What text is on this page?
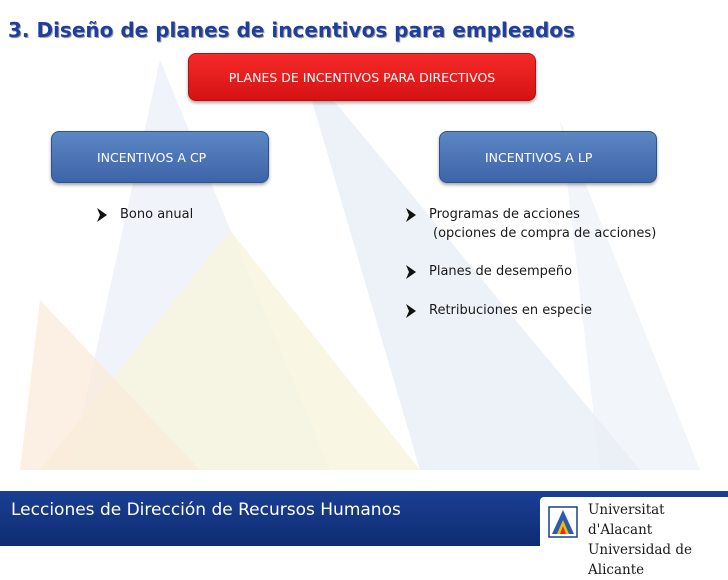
3. Diseño de planes de incentivos para empleados
PLANES DE INCENTIVOS PARA DIRECTIVOS
INCENTIVOS A CP	INCENTIVOS A LP
Bono anual	Programas de acciones
(opciones de compra de acciones)
Planes de desempeño
Retribuciones en especie
Lecciones de Dirección de Recursos Humanos	Universitat d'Alacant
Universidad de Alicante
